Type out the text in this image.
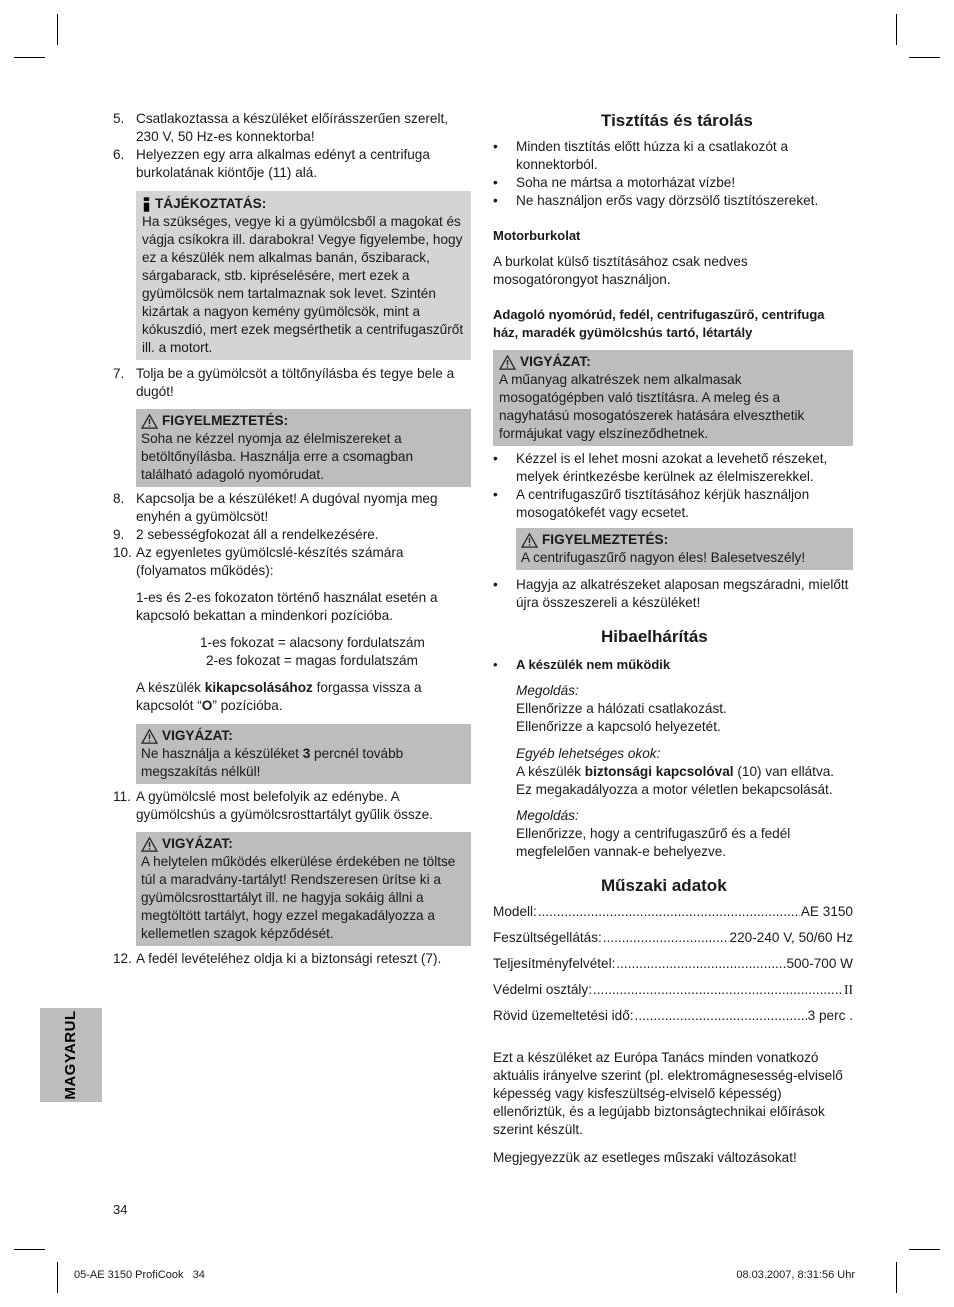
5. Csatlakoztassa a készüléket előírásszerűen szerelt, 230 V, 50 Hz-es konnektorba!
6. Helyezzen egy arra alkalmas edényt a centrifuga burkolatának kiöntője (11) alá.
TÁJÉKOZTATÁS:
Ha szükséges, vegye ki a gyümölcsből a magokat és vágja csíkokra ill. darabokra! Vegye figyelembe, hogy ez a készülék nem alkalmas banán, őszibarack, sárgabarack, stb. kipréselésére, mert ezek a gyümölcsök nem tartalmaznak sok levet. Szintén kizártak a nagyon kemény gyümölcsök, mint a kókuszdió, mert ezek megsérthetik a centrifugaszűrőt ill. a motort.
7. Tolja be a gyümölcsöt a töltőnyílásba és tegye bele a dugót!
FIGYELMEZTETÉS:
Soha ne kézzel nyomja az élelmiszereket a betöltőnyílásba. Használja erre a csomagban található adagoló nyomórudat.
8. Kapcsolja be a készüléket! A dugóval nyomja meg enyhén a gyümölcsöt!
9. 2 sebességfokozat áll a rendelkezésére.
10. Az egyenletes gyümölcslé-készítés számára (folyamatos működés):
1-es és 2-es fokozaton történő használat esetén a kapcsoló bekattan a mindenkori pozícióba.
1-es fokozat = alacsony fordulatszám
2-es fokozat = magas fordulatszám
A készülék kikapcsolásához forgassa vissza a kapcsolót “O” pozícióba.
VIGYÁZAT:
Ne használja a készüléket 3 percnél tovább megszakítás nélkül!
11. A gyümölcslé most belefolyik az edénybe. A gyümölcshús a gyümölcsrosttartályt gyűlik össze.
VIGYÁZAT:
A helytelen működés elkerülése érdekében ne töltse túl a maradvány-tartályt! Rendszeresen ürítse ki a gyümölcsrosttartályt ill. ne hagyja sokáig állni a megtöltött tartályt, hogy ezzel megakadályozza a kellemetlen szagok képződését.
12. A fedél levételéhez oldja ki a biztonsági reteszt (7).
Tisztítás és tárolás
• Minden tisztítás előtt húzza ki a csatlakozót a konnektorból.
• Soha ne mártsa a motorházat vízbe!
• Ne használjon erős vagy dörzsölő tisztítószereket.
Motorburkolat
A burkolat külső tisztításához csak nedves mosogatórongyot használjon.
Adagoló nyomórúd, fedél, centrifugaszűrő, centrifuga ház, maradék gyümölcshús tartó, létartály
VIGYÁZAT:
A műanyag alkatrészek nem alkalmasak mosogatógépben való tisztításra. A meleg és a nagyhatású mosogatószerek hatására elveszthetik formájukat vagy elszíneződhetnek.
• Kézzel is el lehet mosni azokat a levehető részeket, melyek érintkezésbe kerülnek az élelmiszerekkel.
• A centrifugaszűrő tisztításához kérjük használjon mosogatókefét vagy ecsetet.
FIGYELMEZTETÉS:
A centrifugaszűrő nagyon éles! Balesetveszély!
• Hagyja az alkatrészeket alaposan megszáradni, mielőtt újra összeszereli a készüléket!
Hibaelhárítás
• A készülék nem működik
Megoldás:
Ellenőrizze a hálózati csatlakozást.
Ellenőrizze a kapcsoló helyezetét.
Egyéb lehetséges okok:
A készülék biztonsági kapcsolóval (10) van ellátva.
Ez megakadályozza a motor véletlen bekapcsolását.
Megoldás:
Ellenőrizze, hogy a centrifugaszűrő és a fedél megfelelően vannak-e behelyezve.
Műszaki adatok
Modell: .....	AE 3150
Feszültségellátás: .....	220-240 V, 50/60 Hz
Teljesítményfelvétel: .....	500-700 W
Védelmi osztály: .....	II
Rövid üzemeltetési idő: .....	3 perc .
Ezt a készüléket az Európa Tanács minden vonatkozó aktuális irányelve szerint (pl. elektromágnesesség-elviselő képesség vagy kisfeszültség-elviselő képesség) ellenőriztük, és a legújabb biztonságtechnikai előírások szerint készült.
Megjegyezzük az esetleges műszaki változásokat!
MAGYARUL
34
05-AE 3150 ProfiCook   34	08.03.2007, 8:31:56 Uhr
